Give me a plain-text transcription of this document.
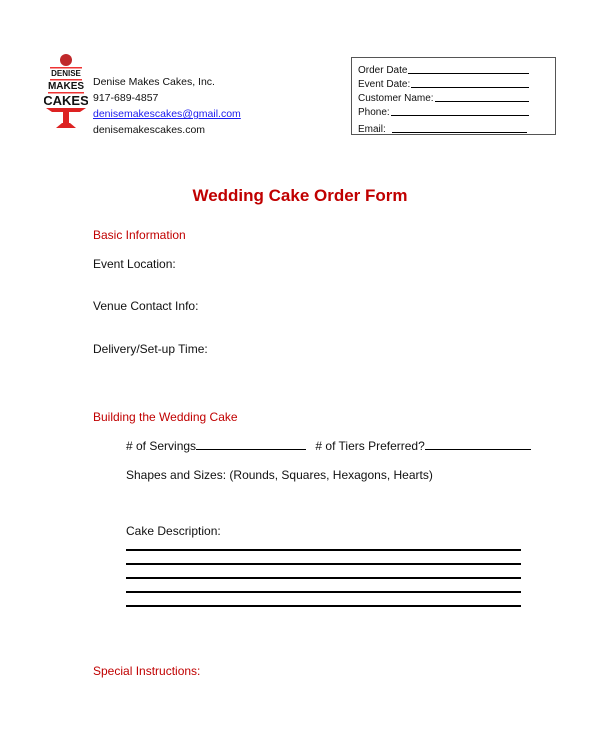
DENISE
MAKES
CAKES
Denise Makes Cakes, Inc.
917-689-4857
denisemakescakes@gmail.com
denisemakescakes.com
Order Date
Event Date:
Customer Name:
Phone:
Email:
Wedding Cake Order Form
Basic Information
Event Location:
Venue Contact Info:
Delivery/Set-up Time:
Building the Wedding Cake
# of Servings	# of Tiers Preferred?
Shapes and Sizes: (Rounds, Squares, Hexagons, Hearts)
Cake Description:
Special Instructions:
